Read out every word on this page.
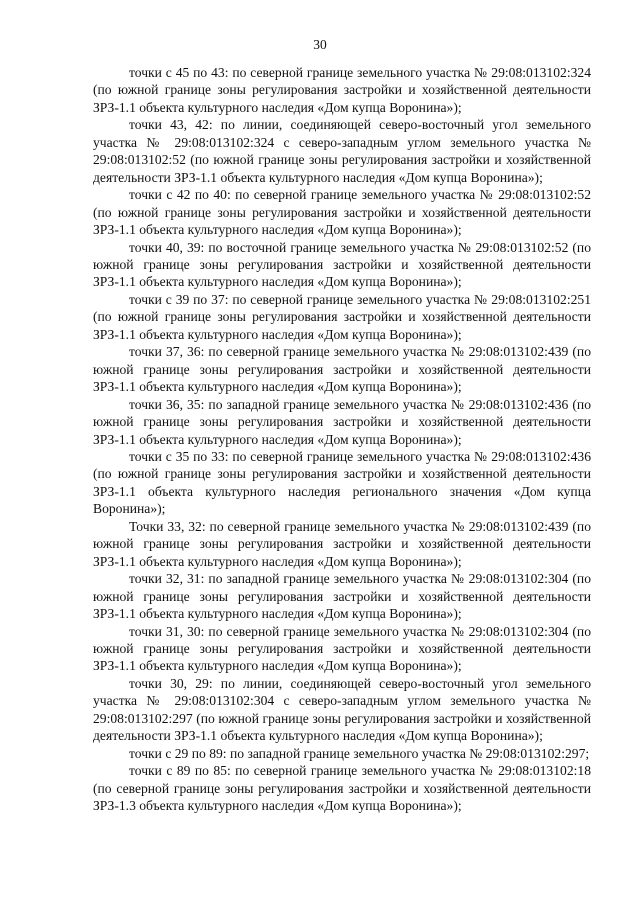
30

точки с 45 по 43: по северной границе земельного участка № 29:08:013102:324 (по южной границе зоны регулирования застройки и хозяйственной деятельности ЗРЗ-1.1 объекта культурного наследия «Дом купца Воронина»);

точки 43, 42: по линии, соединяющей северо-восточный угол земельного участка № 29:08:013102:324 с северо-западным углом земельного участка № 29:08:013102:52 (по южной границе зоны регулирования застройки и хозяйственной деятельности ЗРЗ-1.1 объекта культурного наследия «Дом купца Воронина»);

точки с 42 по 40: по северной границе земельного участка № 29:08:013102:52 (по южной границе зоны регулирования застройки и хозяйственной деятельности ЗРЗ-1.1 объекта культурного наследия «Дом купца Воронина»);

точки 40, 39: по восточной границе земельного участка № 29:08:013102:52 (по южной границе зоны регулирования застройки и хозяйственной деятельности ЗРЗ-1.1 объекта культурного наследия «Дом купца Воронина»);

точки с 39 по 37: по северной границе земельного участка № 29:08:013102:251 (по южной границе зоны регулирования застройки и хозяйственной деятельности ЗРЗ-1.1 объекта культурного наследия «Дом купца Воронина»);

точки 37, 36: по северной границе земельного участка № 29:08:013102:439 (по южной границе зоны регулирования застройки и хозяйственной деятельности ЗРЗ-1.1 объекта культурного наследия «Дом купца Воронина»);

точки 36, 35: по западной границе земельного участка № 29:08:013102:436 (по южной границе зоны регулирования застройки и хозяйственной деятельности ЗРЗ-1.1 объекта культурного наследия «Дом купца Воронина»);

точки с 35 по 33: по северной границе земельного участка № 29:08:013102:436 (по южной границе зоны регулирования застройки и хозяйственной деятельности ЗРЗ-1.1 объекта культурного наследия регионального значения «Дом купца Воронина»);

Точки 33, 32: по северной границе земельного участка № 29:08:013102:439 (по южной границе зоны регулирования застройки и хозяйственной деятельности ЗРЗ-1.1 объекта культурного наследия «Дом купца Воронина»);

точки 32, 31: по западной границе земельного участка № 29:08:013102:304 (по южной границе зоны регулирования застройки и хозяйственной деятельности ЗРЗ-1.1 объекта культурного наследия «Дом купца Воронина»);

точки 31, 30: по северной границе земельного участка № 29:08:013102:304 (по южной границе зоны регулирования застройки и хозяйственной деятельности ЗРЗ-1.1 объекта культурного наследия «Дом купца Воронина»);

точки 30, 29: по линии, соединяющей северо-восточный угол земельного участка № 29:08:013102:304 с северо-западным углом земельного участка № 29:08:013102:297 (по южной границе зоны регулирования застройки и хозяйственной деятельности ЗРЗ-1.1 объекта культурного наследия «Дом купца Воронина»);

точки с 29 по 89: по западной границе земельного участка № 29:08:013102:297;

точки с 89 по 85: по северной границе земельного участка № 29:08:013102:18 (по северной границе зоны регулирования застройки и хозяйственной деятельности ЗРЗ-1.3 объекта культурного наследия «Дом купца Воронина»);
